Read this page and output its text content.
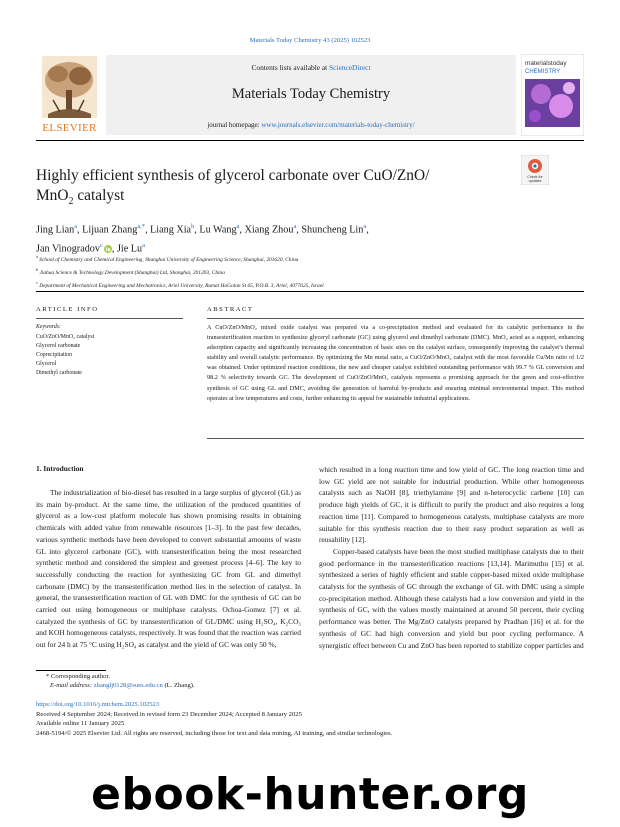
Materials Today Chemistry 43 (2025) 102523
Contents lists available at ScienceDirect
Materials Today Chemistry
journal homepage: www.journals.elsevier.com/materials-today-chemistry/
ELSEVIER
materialstoday
CHEMISTRY
Highly efficient synthesis of glycerol carbonate over CuO/ZnO/
MnO$_2$ catalyst
Check for
updates
Jing Lian$^a$, Lijuan Zhang$^{a,*}$, Liang Xia$^b$, Lu Wang$^a$, Xiang Zhou$^a$, Shuncheng Lin$^a$,
Jan Vinogradov$^c$ , Jie Lu$^a$
$^a$ School of Chemistry and Chemical Engineering, Shanghai University of Engineering Science, Shanghai, 201620, China
$^b$ Jiahua Science & Technology Development (Shanghai) Ltd, Shanghai, 201203, China
$^c$ Department of Mechanical Engineering and Mechatronics, Ariel University, Ramat HaGolan St 65, P.O.B. 3, Ariel, 4077625, Israel
ARTICLE INFO
Keywords:
CuO/ZnO/MnO₂ catalyst
Glycerol carbonate
Coprecipitation
Glycerol
Dimethyl carbonate
ABSTRACT
A CuO/ZnO/MnO₂ mixed oxide catalyst was prepared via a co-precipitation method and evaluated for its catalytic performance in the transesterification reaction to synthesize glyceryl carbonate (GC) using glycerol and dimethyl carbonate (DMC). MnO₂ acted as a support, enhancing adsorption capacity and significantly increasing the concentration of basic sites on the catalyst surface, consequently improving the catalyst’s thermal stability and overall catalytic performance. By optimizing the Mn metal ratio, a CuO/ZnO/MnO₂ catalyst with the most favorable Cu/Mn ratio of 1/2 was obtained. Under optimized reaction conditions, the new and cheaper catalyst exhibited outstanding performance with 99.7 % GL conversion and 98.2 % selectivity towards GC. The development of CuO/ZnO/MnO₂ catalysts represents a promising approach for the green and cost-effective synthesis of GC using GL and DMC, avoiding the generation of harmful by-products and ensuring minimal environmental impact. This method operates at low temperatures and costs, further enhancing its appeal for sustainable industrial applications.
1. Introduction

The industrialization of bio-diesel has resulted in a large surplus of glycerol (GL) as its main by-product. At the same time, the utilization of the produced quantities of glycerol as a low-cost platform molecule has shown promising results in obtaining chemicals with added value from renewable resources [1–3]. In the past few decades, various synthetic methods have been developed to convert substantial amounts of waste GL into glycerol carbonate (GC), with transesterification being the most researched synthetic method and considered the simplest and greenest process [4–6]. The key to successfully conducting the reaction for synthesizing GC from GL and dimethyl carbonate (DMC) by the transesterification method lies in the selection of catalyst. In general, the transesterification reaction of GL with DMC for the synthesis of GC can be carried out using homogeneous or multiphase catalysts. Ochoa-Gomez [7] et al. catalyzed the synthesis of GC by transesterification of GL/DMC using H₂SO₄, K₂CO₃ and KOH homogeneous catalysts, respectively. It was found that the reaction was carried out for 24 h at 75 °C using H₂SO₄ as catalyst and the yield of GC was only 50 %,

which resulted in a long reaction time and low yield of GC. The long reaction time and low GC yield are not suitable for industrial production. While other homogeneous catalysts such as NaOH [8], triethylamine [9] and n-heterocyclic carbene [10] can produce high yields of GC, it is difficult to purify the product and also requires a long reaction time [11]. Compared to homogeneous catalysts, multiphase catalysts are more suitable for this synthesis reaction due to their easy product separation as well as reusability [12].

Copper-based catalysts have been the most studied multiphase catalysts due to their good performance in the transesterification reactions [13,14]. Marimuthu [15] et al. synthesized a series of highly efficient and stable copper-based mixed oxide multiphase catalysts for the synthesis of GC through the exchange of GL with DMC using a simple co-precipitation method. Although these catalysts had a low conversion and yield in the synthesis of GC, with the values mostly maintained at around 50 percent, their cycling performance was better. The Mg/ZnO catalysts prepared by Pradhan [16] et al. for the synthesis of GC had high conversion and yield but poor cycling performance. A synergistic effect between Cu and ZnO has been reported to stabilize copper particles and

* Corresponding author.
E-mail address: zhanglj0128@sues.edu.cn (L. Zhang).
https://doi.org/10.1016/j.mtchem.2025.102523
Received 4 September 2024; Received in revised form 23 December 2024; Accepted 8 January 2025
Available online 11 January 2025
2468-5194/© 2025 Elsevier Ltd. All rights are reserved, including those for text and data mining, AI training, and similar technologies.
ebook-hunter.org
